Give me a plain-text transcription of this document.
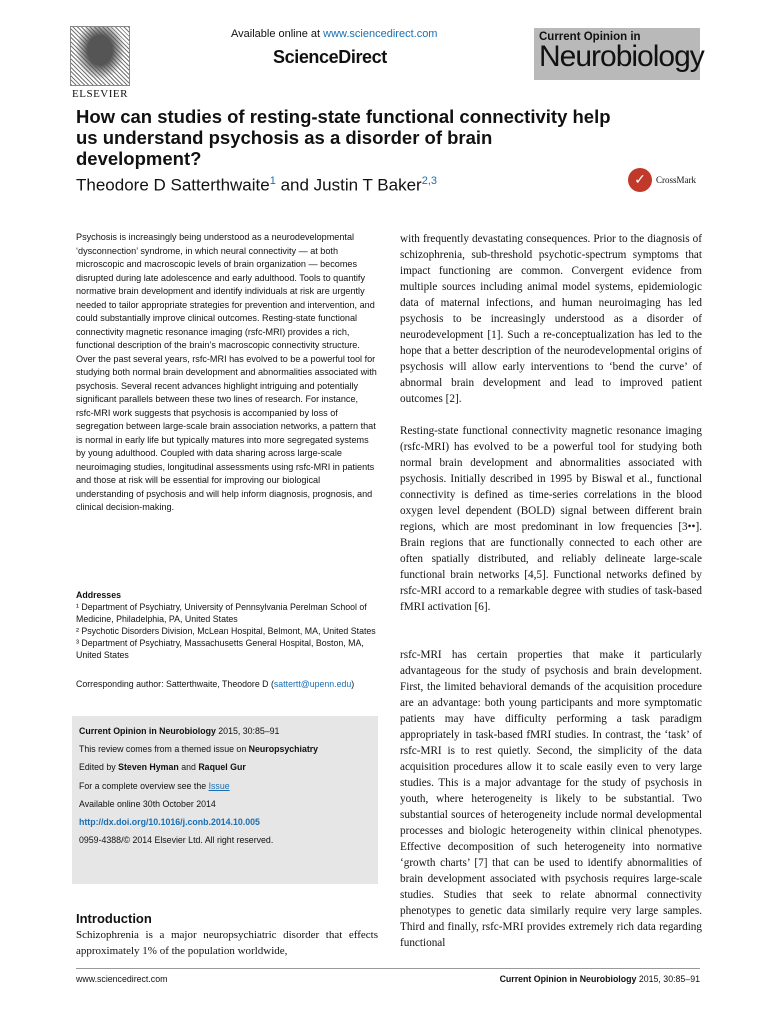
ELSEVIER
Available online at www.sciencedirect.com
ScienceDirect
Current Opinion in
Neurobiology
How can studies of resting-state functional connectivity help us understand psychosis as a disorder of brain development?
Theodore D Satterthwaite$^1$ and Justin T Baker$^{2,3}$	✓	CrossMark

Psychosis is increasingly being understood as a neurodevelopmental ‘dysconnection’ syndrome, in which neural connectivity — at both microscopic and macroscopic levels of brain organization — becomes disrupted during late adolescence and early adulthood. Tools to quantify normative brain development and identify individuals at risk are urgently needed to tailor appropriate strategies for prevention and intervention, and could substantially improve clinical outcomes. Resting-state functional connectivity magnetic resonance imaging (rsfc-MRI) provides a rich, functional description of the brain’s macroscopic connectivity structure. Over the past several years, rsfc-MRI has evolved to be a powerful tool for studying both normal brain development and abnormalities associated with psychosis. Several recent advances highlight intriguing and potentially significant parallels between these two lines of research. For instance, rsfc-MRI work suggests that psychosis is accompanied by loss of segregation between large-scale brain association networks, a pattern that is normal in early life but typically matures into more segregated systems by young adulthood. Coupled with data sharing across large-scale neuroimaging studies, longitudinal assessments using rsfc-MRI in patients and those at risk will be essential for improving our biological understanding of psychosis and will help inform diagnosis, prognosis, and clinical decision-making.

Addresses
¹ Department of Psychiatry, University of Pennsylvania Perelman School of Medicine, Philadelphia, PA, United States
² Psychotic Disorders Division, McLean Hospital, Belmont, MA, United States
³ Department of Psychiatry, Massachusetts General Hospital, Boston, MA, United States
Corresponding author: Satterthwaite, Theodore D (sattertt@upenn.edu)
Current Opinion in Neurobiology 2015, 30:85–91
This review comes from a themed issue on Neuropsychiatry
Edited by Steven Hyman and Raquel Gur
For a complete overview see the Issue
Available online 30th October 2014
http://dx.doi.org/10.1016/j.conb.2014.10.005
0959-4388/© 2014 Elsevier Ltd. All right reserved.
Introduction

Schizophrenia is a major neuropsychiatric disorder that effects approximately 1% of the population worldwide,

with frequently devastating consequences. Prior to the diagnosis of schizophrenia, sub-threshold psychotic-spectrum symptoms that impact functioning are common. Convergent evidence from multiple sources including animal model systems, epidemiologic data of maternal infections, and human neuroimaging has led psychosis to be increasingly understood as a disorder of neurodevelopment [1]. Such a re-conceptualization has led to the hope that a better description of the neurodevelopmental origins of psychosis will allow early interventions to ‘bend the curve’ of abnormal brain development and lead to improved patient outcomes [2].

Resting-state functional connectivity magnetic resonance imaging (rsfc-MRI) has evolved to be a powerful tool for studying both normal brain development and abnormalities associated with psychosis. Initially described in 1995 by Biswal et al., functional connectivity is defined as time-series correlations in the blood oxygen level dependent (BOLD) signal between different brain regions, which are most predominant in low frequencies [3••]. Brain regions that are functionally connected to each other are often spatially distributed, and reliably delineate large-scale functional brain networks [4,5]. Functional networks defined by rsfc-MRI accord to a remarkable degree with studies of task-based fMRI activation [6].

rsfc-MRI has certain properties that make it particularly advantageous for the study of psychosis and brain development. First, the limited behavioral demands of the acquisition procedure are an advantage: both young participants and more symptomatic patients may have difficulty performing a task paradigm appropriately in task-based fMRI studies. In contrast, the ‘task’ of rsfc-MRI is to rest quietly. Second, the simplicity of the data acquisition procedures allow it to scale easily even to very large studies. This is a major advantage for the study of psychosis in youth, where heterogeneity is likely to be substantial. Two substantial sources of heterogeneity include normal developmental processes and biologic heterogeneity within clinical phenotypes. Effective decomposition of such heterogeneity into normative ‘growth charts’ [7] that can be used to identify abnormalities of brain development associated with psychosis requires large-scale studies. Studies that seek to relate abnormal connectivity phenotypes to genetic data similarly require very large samples. Third and finally, rsfc-MRI provides extremely rich data regarding functional

www.sciencedirect.com	Current Opinion in Neurobiology 2015, 30:85–91
